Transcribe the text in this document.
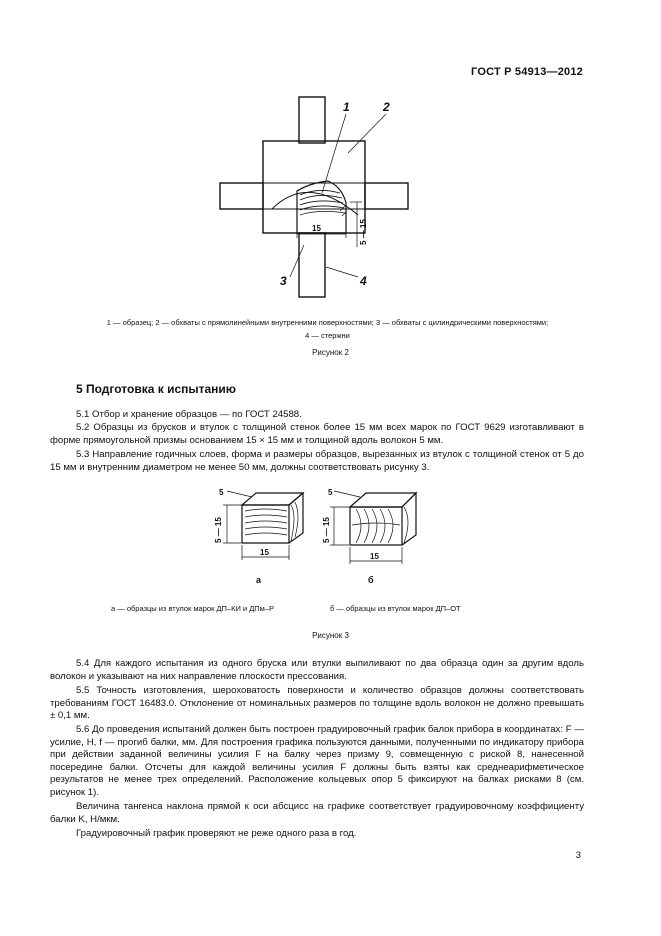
ГОСТ Р 54913—2012
1	2
3	4
15	5 — 15
1 — образец; 2 — обхваты с прямолинейными внутренними поверхностями; 3 — обхваты с цилиндрическими поверхностями;
4 — стержни
Рисунок 2
5 Подготовка к испытанию

5.1 Отбор и хранение образцов — по ГОСТ 24588.

5.2 Образцы из брусков и втулок с толщиной стенок более 15 мм всех марок по ГОСТ 9629 изготавливают в форме прямоугольной призмы основанием 15 × 15 мм и толщиной вдоль волокон 5 мм.

5.3 Направление годичных слоев, форма и размеры образцов, вырезанных из втулок с толщиной стенок от 5 до 15 мм и внутренним диаметром не менее 50 мм, должны соответствовать рисунку 3.

5
5 — 15
15
а
5
5 — 15
15
б
а — образцы из втулок марок ДП–КИ и ДПм–Р	б — образцы из втулок марок ДП–ОТ
Рисунок 3

5.4 Для каждого испытания из одного бруска или втулки выпиливают по два образца один за другим вдоль волокон и указывают на них направление плоскости прессования.

5.5 Точность изготовления, шероховатость поверхности и количество образцов должны соответствовать требованиям ГОСТ 16483.0. Отклонение от номинальных размеров по толщине вдоль волокон не должно превышать ± 0,1 мм.

5.6 До проведения испытаний должен быть построен градуировочный график балок прибора в координатах: F — усилие, H, f — прогиб балки, мм. Для построения графика пользуются данными, полученными по индикатору прибора при действии заданной величины усилия F на балку через призму 9, совмещенную с риской 8, нанесенной посередине балки. Отсчеты для каждой величины усилия F должны быть взяты как среднеарифметическое результатов не менее трех определений. Расположение кольцевых опор 5 фиксируют на балках рисками 8 (см. рисунок 1).

Величина тангенса наклона прямой к оси абсцисс на графике соответствует градуировочному коэффициенту балки K, Н/мкм.

Градуировочный график проверяют не реже одного раза в год.

3
